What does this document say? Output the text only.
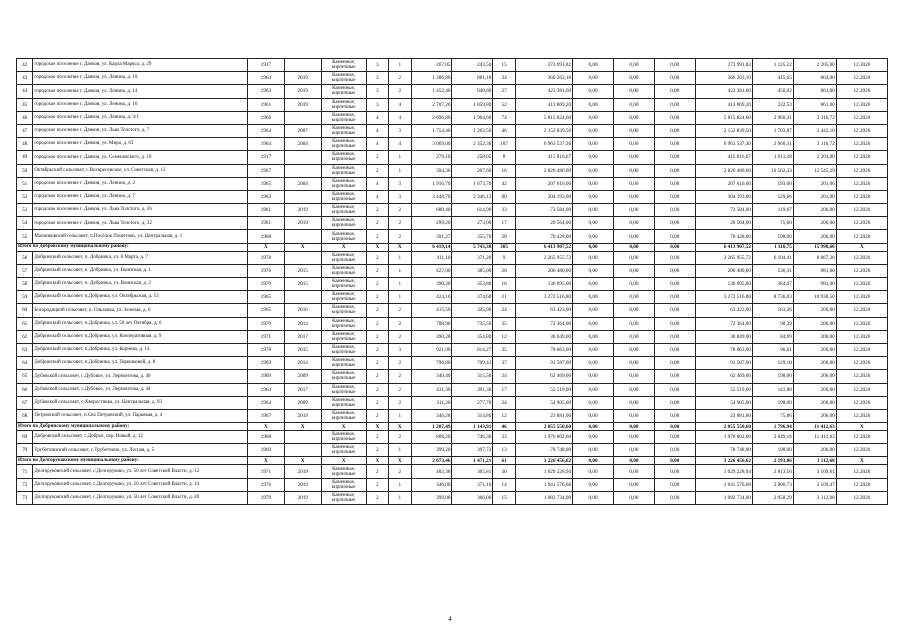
42	городское поселение г. Данков, ул. Карла Маркса, д. 29	1917		Каменные, кирпичные	3	1	267,85	243,50	15	273 991,82	0,00	0,00	0,00	273 991,82	1 125,22	2 205,00	12.2020
43	городское поселение г. Данков, ул. Ленина, д. 10	1964	2019	Каменные, кирпичные	3	2	1 386,80	881,18	34	366 263,10	0,00	0,00	0,00	366 263,10	415,65	864,00	12.2020
44	городское поселение г. Данков, ул. Ленина, д. 14	1963	2019	Каменные, кирпичные	3	2	1 452,40	940,80	27	423 381,60	0,00	0,00	0,00	423 381,60	450,02	861,00	12.2020
45	городское поселение г. Данков, ул. Ленина, д. 16	1961	2019	Каменные, кирпичные	3	4	2 707,20	1 859,80	52	413 869,20	0,00	0,00	0,00	413 869,20	222,53	861,00	12.2020
46	городское поселение г. Данков, ул. Ленина, д. 3/1	1966		Каменные, кирпичные	4	4	2 696,80	1 964,60	74	5 815 824,60	0,00	0,00	0,00	5 815 824,60	2 960,31	3 116,72	12.2020
47	городское поселение г. Данков, ул. Льва Толстого, д. 7	1964	2007	Каменные, кирпичные	4	3	1 754,40	1 263,50	46	2 152 839,50	0,00	0,00	0,00	2 152 839,50	1 703,87	3 442,10	12.2020
48	городское поселение г. Данков, ул. Мира, д. 63	1964	2004	Каменные, кирпичные	4	4	3 069,00	2 352,30	107	6 963 537,30	0,00	0,00	0,00	6 963 537,30	2 960,31	3 116,72	12.2020
49	городское поселение г. Данков, ул. Семеновского, д. 10	1917		Каменные, кирпичные	2	1	279,18	258,05	8	415 816,67	0,00	0,00	0,00	415 816,67	1 611,38	2 203,00	12.2020
50	Октябрьский сельсовет, с.Воскресенское, ул. Советская, д. 12	1967		Каменные, кирпичные	2	1	394,36	267,60	16	2 826 480,00	0,00	0,00	0,00	2 826 480,00	10 562,33	12 545,29	12.2020
51	городское поселение г. Данков, ул. Ленина, д. 2	1965	2004	Каменные, кирпичные	4	3	1 916,70	1 073,70	42	207 610,00	0,00	0,00	0,00	207 610,00	193,00	201,06	12.2020
52	городское поселение г. Данков, ул. Ленина, д. 7	1963		Каменные, кирпичные	4	3	3 448,70	2 346,12	80	304 193,00	0,00	0,00	0,00	304 193,00	129,66	201,00	12.2020
53	городское поселение г. Данков, ул. Льва Толстого, д. 26	1961	2019	Каменные, кирпичные	2	2	680,40	614,90	33	73 584,00	0,00	0,00	0,00	73 584,00	119,67	206,00	12.2020
54	городское поселение г. Данков, ул. Льва Толстого, д. 32	1961	2019	Каменные, кирпичные	2	2	299,20	273,00	17	20 564,00	0,00	0,00	0,00	20 564,00	75,60	206,00	12.2020
55	Малинковский сельсовет, п.Посёлок Пошетово, ул. Центральная, д. 1	1968		Каменные, кирпичные	2	2	391,27	355,70	28	70 428,00	0,00	0,00	0,00	70 428,00	198,00	206,00	12.2020
Итого по Добровскому муниципальному району:		X	X	X	X	X	6 419,14	5 743,38	305	6 413 907,52	0,00	0,00	0,00	6 413 907,52	1 116,75	15 998,60	X
56	Добринский сельсовет, п. Добринка, ул. 8 Марта, д. 7	1978		Каменные, кирпичные	2	1	411,10	371,20	9	2 265 955,72	0,00	0,00	0,00	2 265 955,72	6 104,41	8 867,36	12.2020
57	Добринский сельсовет, п. Добринка, ул. Воинская, д. 1	1976	2015	Каменные, кирпичные	2	1	427,00	385,00	28	206 480,00	0,00	0,00	0,00	206 480,00	536,31	981,00	12.2020
58	Добринский сельсовет, п. Добринка, ул. Воинская, д. 2	1970	2015	Каменные, кирпичные	2	1	390,28	353,80	18	136 095,00	0,00	0,00	0,00	136 095,00	384,67	981,00	12.2020
59	Добринский сельсовет, п.Добринка, ул. Октябрьская, д. 53	1965		Каменные, кирпичные	2	1	424,10	374,60	21	3 272 516,80	0,00	0,00	0,00	3 272 516,80	8 736,03	10 938,50	12.2020
60	Богородицкий сельсовет, п. Ольховка, ул. Зеленая, д. 6	1965	2016	Каменные, кирпичные	2	2	415,50	345,90	24	63 423,00	0,00	0,00	0,00	63 423,00	183,36	206,00	12.2020
61	Добринский сельсовет, п.Добринка, ул. 50 лет Октября, д. 6	1970	2014	Каменные, кирпичные	2	2	788,90	735,50	35	72 364,00	0,00	0,00	0,00	72 364,00	98,39	206,00	12.2020
62	Добринский сельсовет, п.Добринка, ул. Кооперативная, д. 9	1971	2017	Каменные, кирпичные	2	2	390,28	354,80	12	30 049,00	0,00	0,00	0,00	30 049,00	84,69	206,00	12.2020
63	Добринский сельсовет, п.Добринка, ул. Корнева, д. 14	1978	2015	Каменные, кирпичные	2	3	921,00	814,27	35	78 663,00	0,00	0,00	0,00	78 663,00	96,61	206,00	12.2020
64	Добринский сельсовет, п.Добринка, ул. Терешковой, д. 8	1969	2014	Каменные, кирпичные	2	2	796,80	709,41	37	91 587,00	0,00	0,00	0,00	91 587,00	129,10	206,00	12.2020
65	Дубовской сельсовет, с.Дубовое, ул. Лермонтова, д. 40	1969	2009	Каменные, кирпичные	2	2	340,40	315,50	24	62 469,00	0,00	0,00	0,00	62 469,00	198,00	206,00	12.2020
66	Дубовской сельсовет, с.Дубовое, ул. Лермонтова, д. 44	1964	2017	Каменные, кирпичные	2	2	431,30	391,30	17	55 519,00	0,00	0,00	0,00	55 519,00	141,88	206,00	12.2020
67	Дубовской сельсовет, с.Хворостянка, ул. Центральная, д. 93	1964	2009	Каменные, кирпичные	2	2	311,20	277,70	24	54 905,00	0,00	0,00	0,00	54 905,00	198,00	206,00	12.2020
68	Петровский сельсовет, п.Свх Петровский, ул. Парковая, д. 4	1967	2019	Каменные, кирпичные	2	1	346,28	314,80	12	23 881,00	0,00	0,00	0,00	23 881,00	75,86	206,00	12.2020
Итого по Добринскому муниципальному району:		X	X	X	X	X	1 207,49	1 143,91	46	2 055 550,60	0,00	0,00	0,00	2 055 550,60	1 796,94	11 412,63	X
69	Добровский сельсовет, с.Доброе, пер. Новый, д. 12	1968		Каменные, кирпичные	2	2	808,20	746,30	33	1 976 802,60	0,00	0,00	0,00	1 976 802,60	2 649,16	11 412,63	12.2020
70	Трубетчинский сельсовет, с.Трубетчино, ул. Лесная, д. 5	1969		Каменные, кирпичные	2	1	399,20	397,72	13	78 748,00	0,00	0,00	0,00	78 748,00	198,00	206,00	12.2020
Итого по Долгоруковскому муниципальному району:		X	X	X	X	X	2 073,46	1 471,21	61	3 226 456,62	0,00	0,00	0,00	3 226 456,62	2 193,06	3 112,68	X
71	Долгоруковский сельсовет, с.Долгоруково, ул. 50 лет Советской Власти, д. 12	1971	2019	Каменные, кирпичные	2	2	402,38	365,81	30	1 029 228,94	0,00	0,00	0,00	1 029 228,94	2 813,56	3 109,61	12.2020
72	Долгоруковский сельсовет, с.Долгоруково, ул. 50 лет Советской Власти, д. 14	1976	2019	Каменные, кирпичные	2	1	346,00	371,10	14	1 041 576,68	0,00	0,00	0,00	1 041 576,68	2 806,73	3 109,47	12.2020
73	Долгоруковский сельсовет, с.Долгоруково, ул. 50 лет Советской Власти, д. 20	1979	2019	Каменные, кирпичные	2	1	399,08	366,00	15	1 082 734,00	0,00	0,00	0,00	1 082 734,00	2 958,29	3 112,68	12.2020
4
